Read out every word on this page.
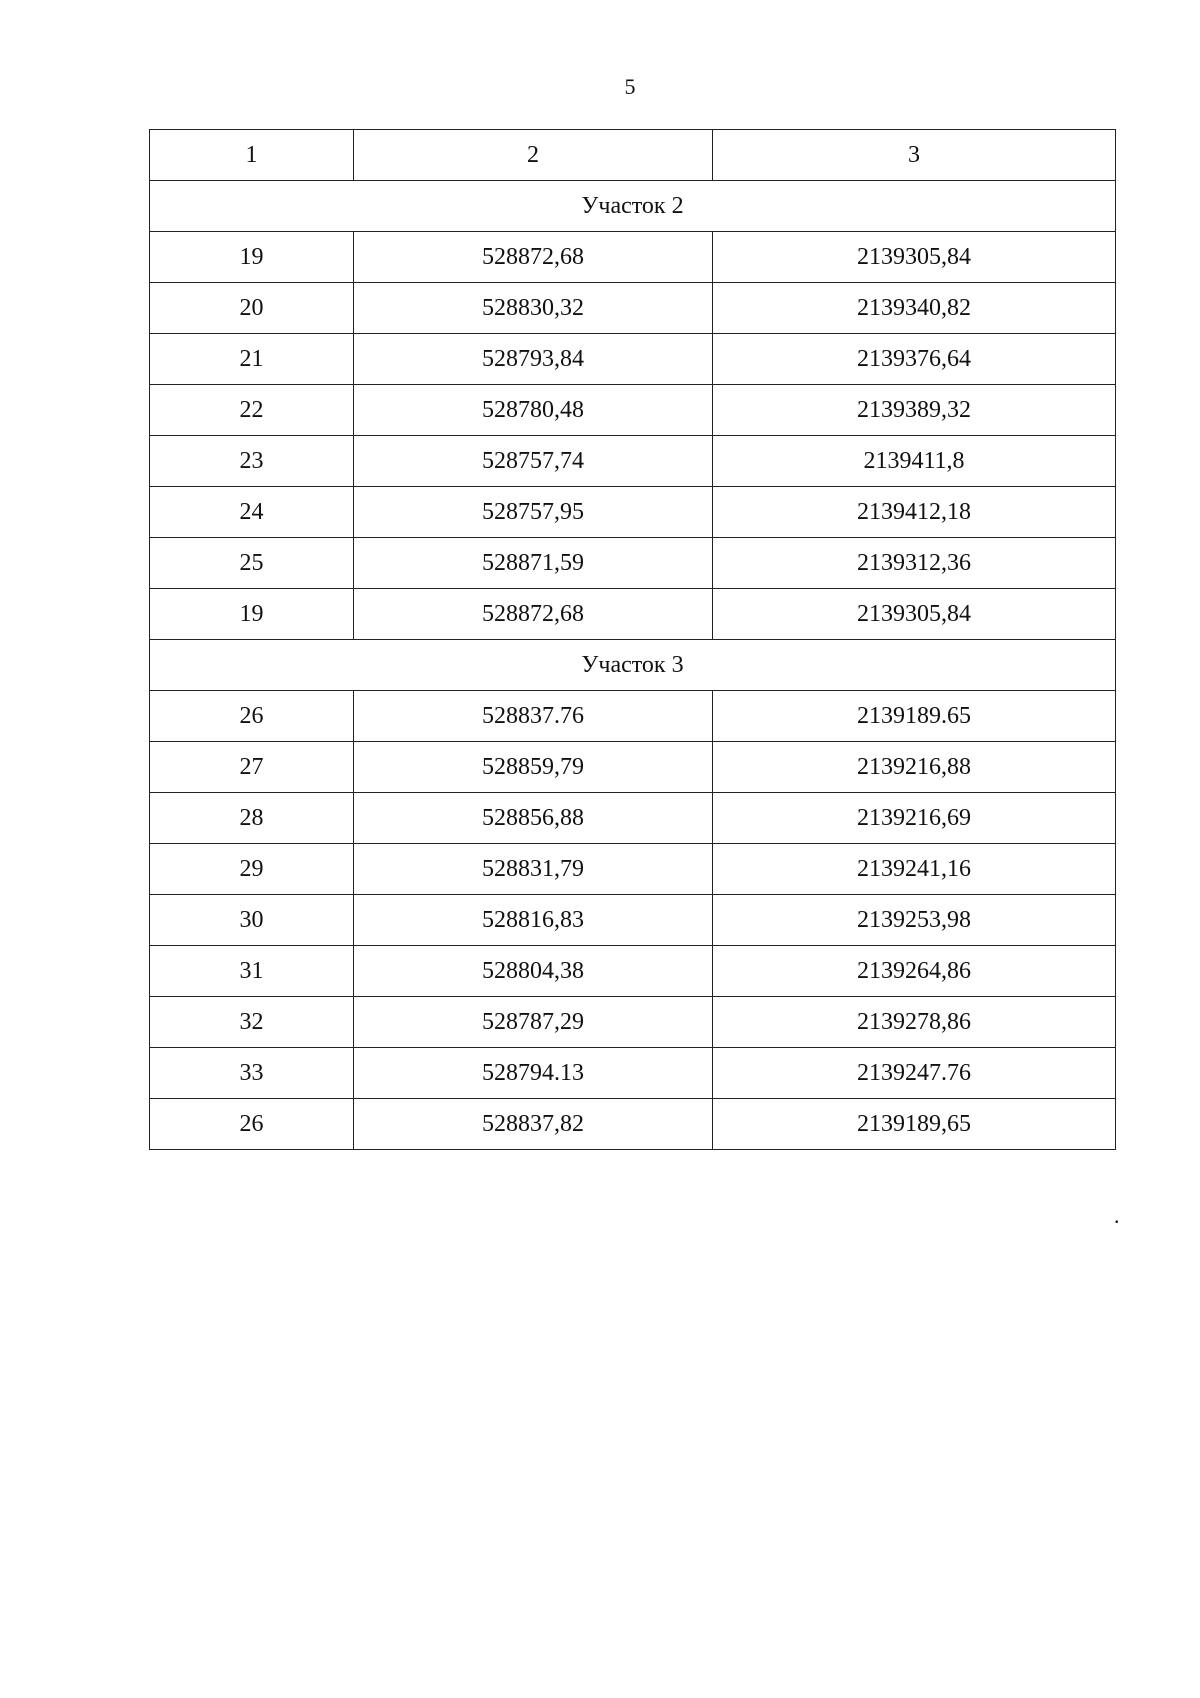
5
1	2	3
Участок 2		
19	528872,68	2139305,84
20	528830,32	2139340,82
21	528793,84	2139376,64
22	528780,48	2139389,32
23	528757,74	2139411,8
24	528757,95	2139412,18
25	528871,59	2139312,36
19	528872,68	2139305,84
Участок 3		
26	528837.76	2139189.65
27	528859,79	2139216,88
28	528856,88	2139216,69
29	528831,79	2139241,16
30	528816,83	2139253,98
31	528804,38	2139264,86
32	528787,29	2139278,86
33	528794.13	2139247.76
26	528837,82	2139189,65
.
